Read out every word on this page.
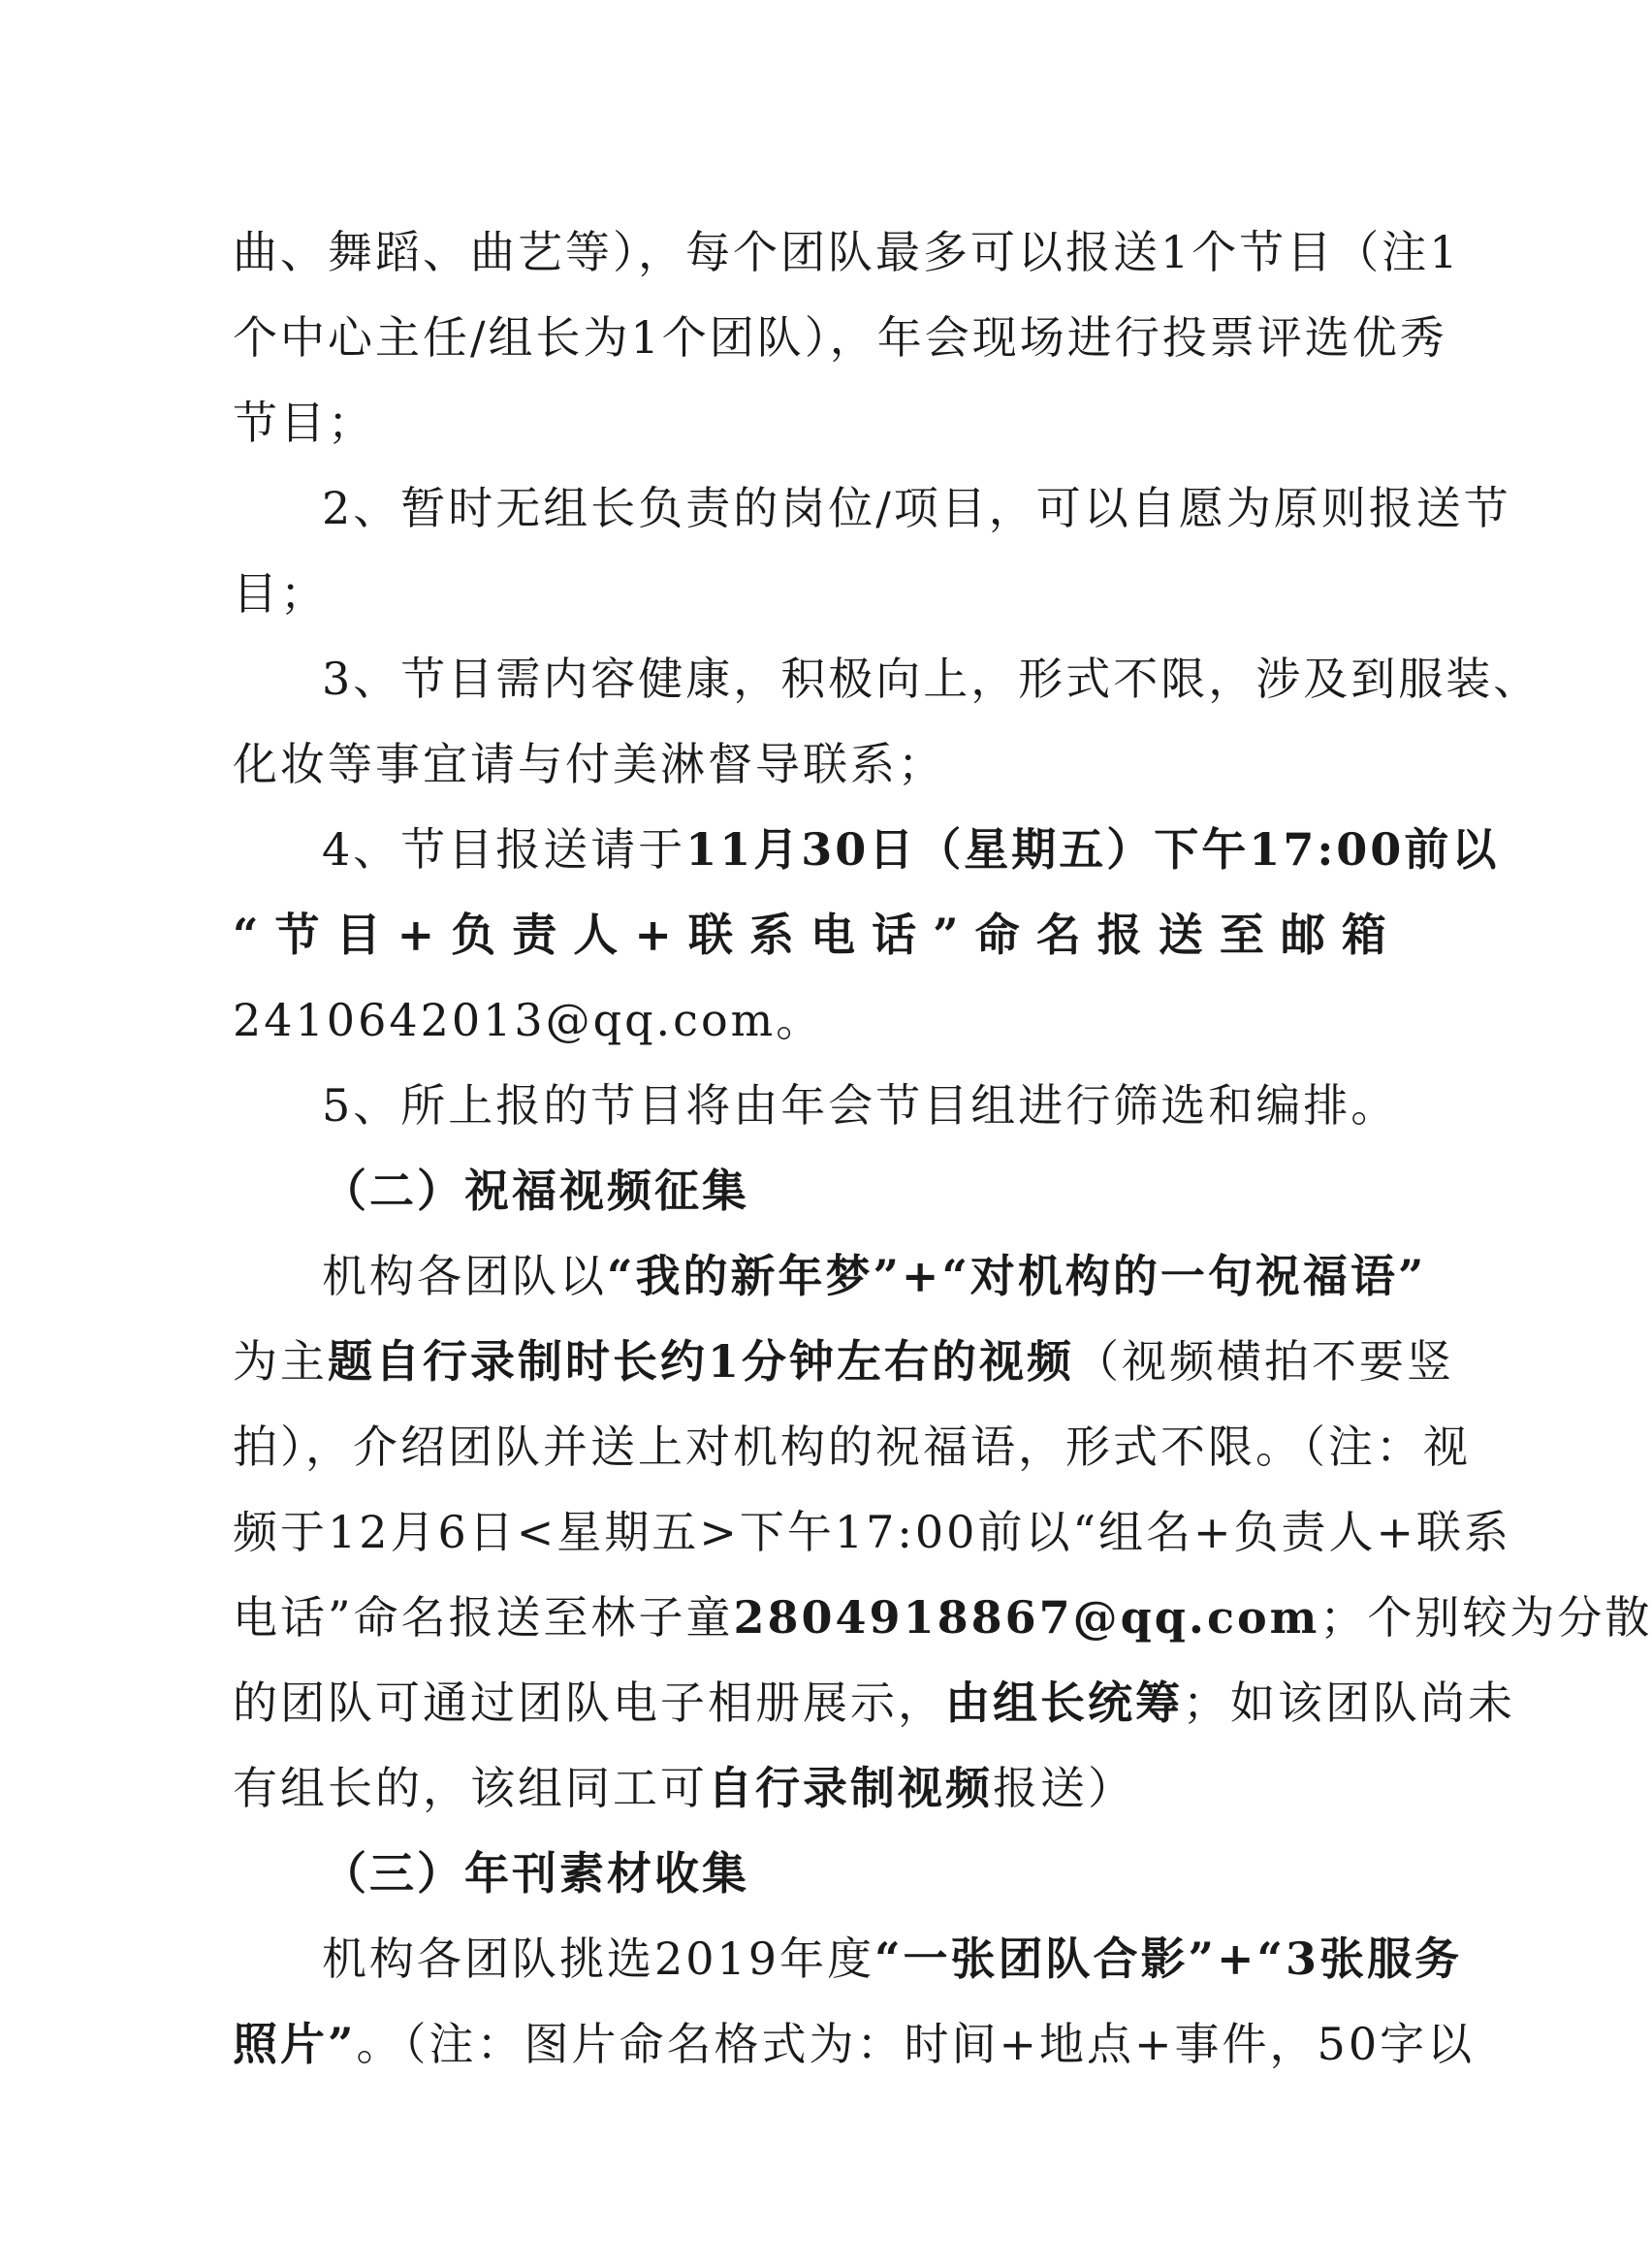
曲、舞蹈、曲艺等），每个团队最多可以报送1个节目（注1
个中心主任/组长为1个团队），年会现场进行投票评选优秀
节目；
2、暂时无组长负责的岗位/项目，可以自愿为原则报送节
目；
3、节目需内容健康，积极向上，形式不限，涉及到服装、
化妆等事宜请与付美淋督导联系；
4、节目报送请于11月30日（星期五）下午17:00前以
“ 节 目 + 负 责 人 + 联 系 电 话 ” 命 名 报 送 至 邮 箱
2410642013@qq.com。
5、所上报的节目将由年会节目组进行筛选和编排。
（二）祝福视频征集
机构各团队以“我的新年梦”+“对机构的一句祝福语”
为主题自行录制时长约1分钟左右的视频（视频横拍不要竖
拍），介绍团队并送上对机构的祝福语，形式不限。（注：视
频于12月6日<星期五>下午17:00前以“组名+负责人+联系
电话”命名报送至林子童2804918867@qq.com；个别较为分散
的团队可通过团队电子相册展示，由组长统筹；如该团队尚未
有组长的，该组同工可自行录制视频报送）
（三）年刊素材收集
机构各团队挑选2019年度“一张团队合影”+“3张服务
照片”。（注：图片命名格式为：时间+地点+事件，50字以
